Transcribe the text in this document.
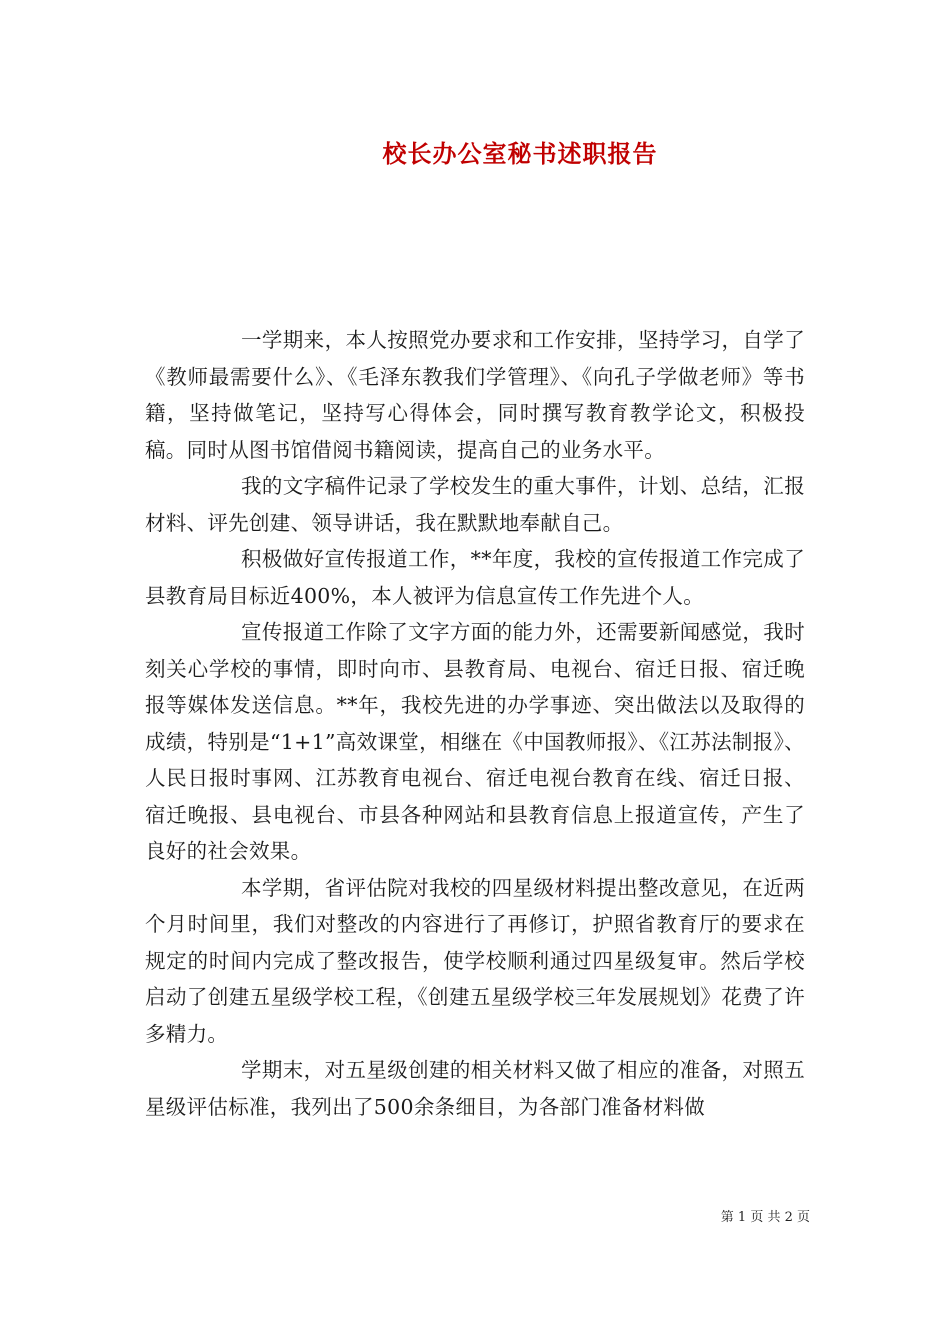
校长办公室秘书述职报告

一学期来，本人按照党办要求和工作安排，坚持学习，自学了《教师最需要什么》、《毛泽东教我们学管理》、《向孔子学做老师》等书籍，坚持做笔记，坚持写心得体会，同时撰写教育教学论文，积极投稿。同时从图书馆借阅书籍阅读，提高自己的业务水平。

我的文字稿件记录了学校发生的重大事件，计划、总结，汇报材料、评先创建、领导讲话，我在默默地奉献自己。

积极做好宣传报道工作，**年度，我校的宣传报道工作完成了县教育局目标近400%，本人被评为信息宣传工作先进个人。

宣传报道工作除了文字方面的能力外，还需要新闻感觉，我时刻关心学校的事情，即时向市、县教育局、电视台、宿迁日报、宿迁晚报等媒体发送信息。**年，我校先进的办学事迹、突出做法以及取得的成绩，特别是“1+1”高效课堂，相继在《中国教师报》、《江苏法制报》、人民日报时事网、江苏教育电视台、宿迁电视台教育在线、宿迁日报、宿迁晚报、县电视台、市县各种网站和县教育信息上报道宣传，产生了良好的社会效果。

本学期，省评估院对我校的四星级材料提出整改意见，在近两个月时间里，我们对整改的内容进行了再修订，护照省教育厅的要求在规定的时间内完成了整改报告，使学校顺利通过四星级复审。然后学校启动了创建五星级学校工程，《创建五星级学校三年发展规划》花费了许多精力。

学期末，对五星级创建的相关材料又做了相应的准备，对照五星级评估标准，我列出了500余条细目，为各部门准备材料做

第 1 页 共 2 页
